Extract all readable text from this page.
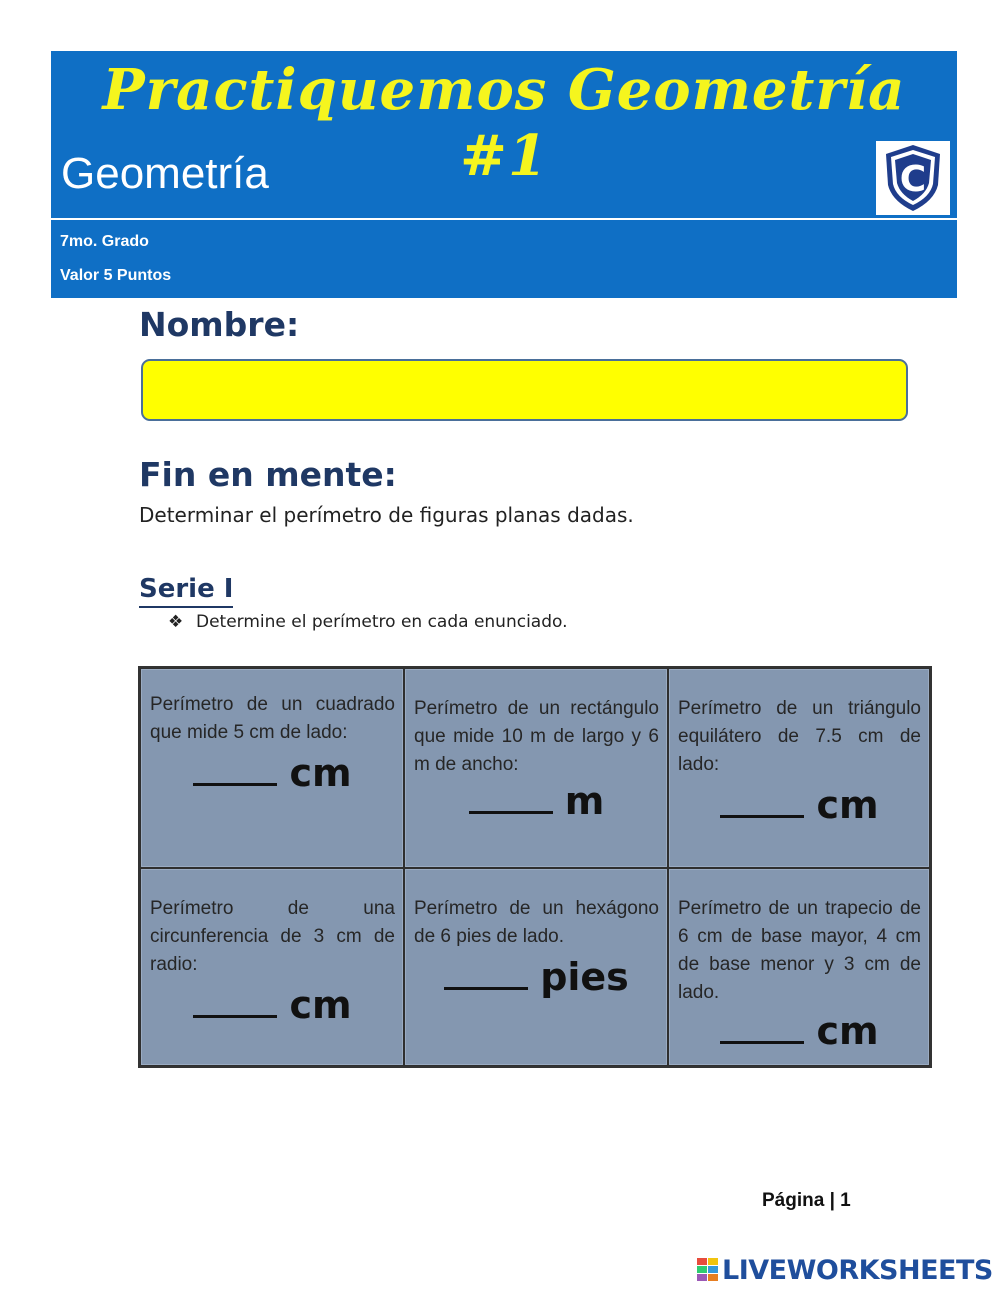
Practiquemos Geometría #1
Geometría	C
7mo. Grado
Valor 5 Puntos
Nombre:
Fin en mente:
Determinar el perímetro de figuras planas dadas.
Serie I
❖ Determine el perímetro en cada enunciado.
Perímetro de un cuadrado que mide 5 cm de lado:
cm
Perímetro de un rectángulo que mide 10 m de largo y 6 m de ancho:
m
Perímetro de un triángulo equilátero de 7.5 cm de lado:
cm
Perímetro de una circunferencia de 3 cm de radio:
cm
Perímetro de un hexágono de 6 pies de lado.
pies
Perímetro de un trapecio de 6 cm de base mayor, 4 cm de base menor y 3 cm de lado.
cm
Página | 1
LIVEWORKSHEETS
